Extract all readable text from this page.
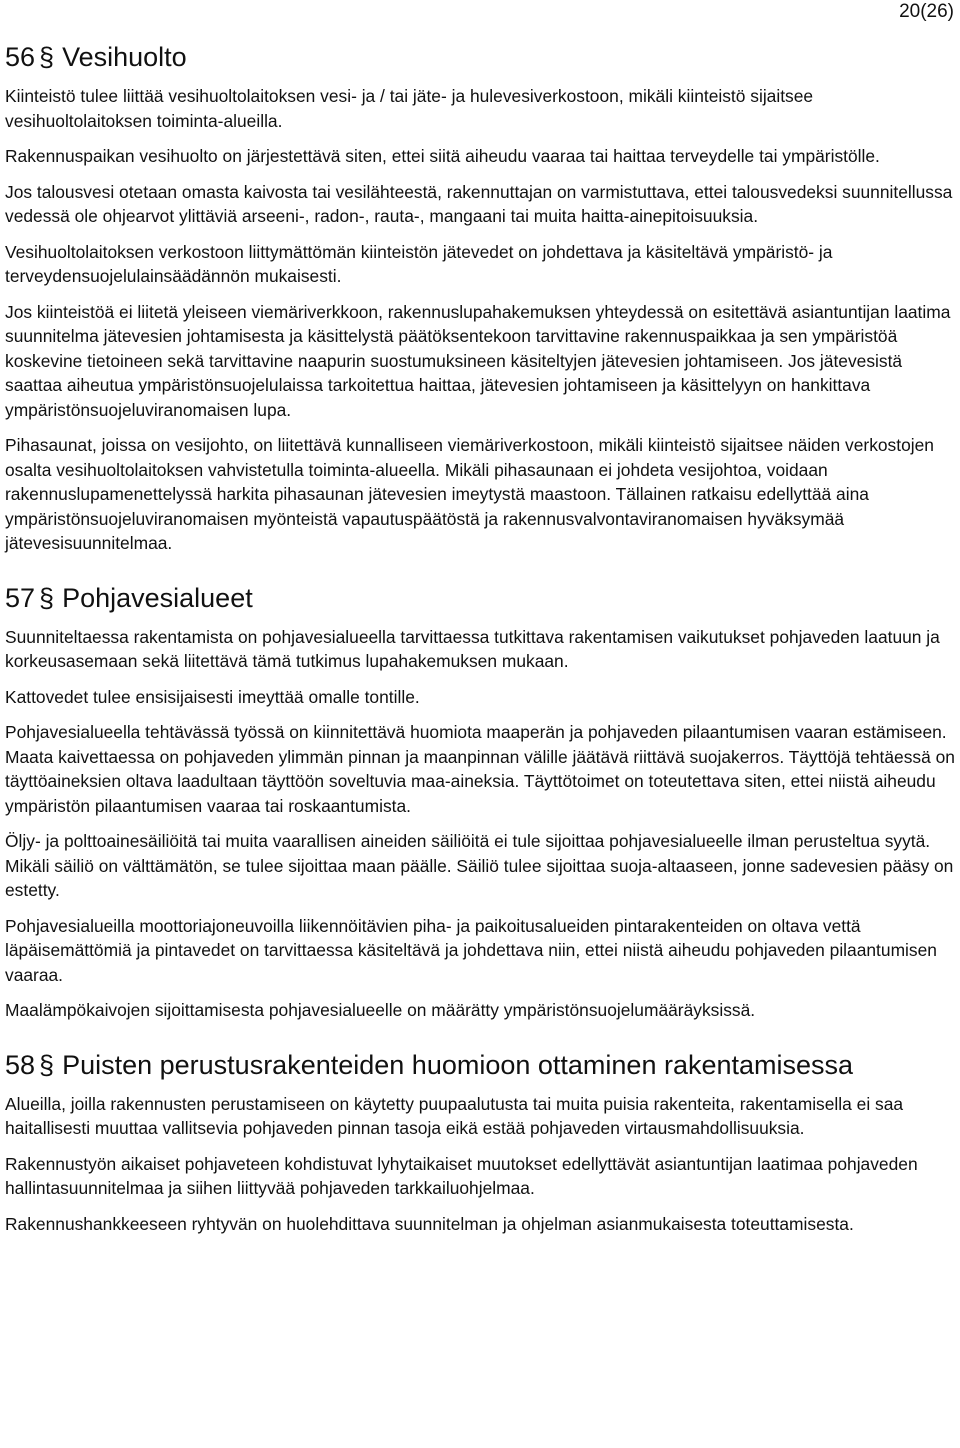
20(26)
56 § Vesihuolto

Kiinteistö tulee liittää vesihuoltolaitoksen vesi- ja / tai jäte- ja hulevesiverkostoon, mikäli kiinteistö sijaitsee vesihuoltolaitoksen toiminta-alueilla.

Rakennuspaikan vesihuolto on järjestettävä siten, ettei siitä aiheudu vaaraa tai haittaa terveydelle tai ympäristölle.

Jos talousvesi otetaan omasta kaivosta tai vesilähteestä, rakennuttajan on varmistuttava, ettei talousvedeksi suunnitellussa vedessä ole ohjearvot ylittäviä arseeni-, radon-, rauta-, mangaani tai muita haitta-ainepitoisuuksia.

Vesihuoltolaitoksen verkostoon liittymättömän kiinteistön jätevedet on johdettava ja käsiteltävä ympäristö- ja terveydensuojelulainsäädännön mukaisesti.

Jos kiinteistöä ei liitetä yleiseen viemäriverkkoon, rakennuslupahakemuksen yhteydessä on esitettävä asiantuntijan laatima suunnitelma jätevesien johtamisesta ja käsittelystä päätöksentekoon tarvittavine rakennuspaikkaa ja sen ympäristöä koskevine tietoineen sekä tarvittavine naapurin suostumuksineen käsiteltyjen jätevesien johtamiseen. Jos jätevesistä saattaa aiheutua ympäristönsuojelulaissa tarkoitettua haittaa, jätevesien johtamiseen ja käsittelyyn on hankittava ympäristönsuojeluviranomaisen lupa.

Pihasaunat, joissa on vesijohto, on liitettävä kunnalliseen viemäriverkostoon, mikäli kiinteistö sijaitsee näiden verkostojen osalta vesihuoltolaitoksen vahvistetulla toiminta-alueella. Mikäli pihasaunaan ei johdeta vesijohtoa, voidaan rakennuslupamenettelyssä harkita pihasaunan jätevesien imeytystä maastoon. Tällainen ratkaisu edellyttää aina ympäristönsuojeluviranomaisen myönteistä vapautuspäätöstä ja rakennusvalvontaviranomaisen hyväksymää jätevesisuunnitelmaa.

57 § Pohjavesialueet

Suunniteltaessa rakentamista on pohjavesialueella tarvittaessa tutkittava rakentamisen vaikutukset pohjaveden laatuun ja korkeusasemaan sekä liitettävä tämä tutkimus lupahakemuksen mukaan.

Kattovedet tulee ensisijaisesti imeyttää omalle tontille.

Pohjavesialueella tehtävässä työssä on kiinnitettävä huomiota maaperän ja pohjaveden pilaantumisen vaaran estämiseen. Maata kaivettaessa on pohjaveden ylimmän pinnan ja maanpinnan välille jäätävä riittävä suojakerros. Täyttöjä tehtäessä on täyttöaineksien oltava laadultaan täyttöön soveltuvia maa-aineksia. Täyttötoimet on toteutettava siten, ettei niistä aiheudu ympäristön pilaantumisen vaaraa tai roskaantumista.

Öljy- ja polttoainesäiliöitä tai muita vaarallisen aineiden säiliöitä ei tule sijoittaa pohjavesialueelle ilman perusteltua syytä. Mikäli säiliö on välttämätön, se tulee sijoittaa maan päälle. Säiliö tulee sijoittaa suoja-altaaseen, jonne sadevesien pääsy on estetty.

Pohjavesialueilla moottoriajoneuvoilla liikennöitävien piha- ja paikoitusalueiden pintarakenteiden on oltava vettä läpäisemättömiä ja pintavedet on tarvittaessa käsiteltävä ja johdettava niin, ettei niistä aiheudu pohjaveden pilaantumisen vaaraa.

Maalämpökaivojen sijoittamisesta pohjavesialueelle on määrätty ympäristönsuojelumääräyksissä.

58 § Puisten perustusrakenteiden huomioon ottaminen rakentamisessa

Alueilla, joilla rakennusten perustamiseen on käytetty puupaalutusta tai muita puisia rakenteita, rakentamisella ei saa haitallisesti muuttaa vallitsevia pohjaveden pinnan tasoja eikä estää pohjaveden virtausmahdollisuuksia.

Rakennustyön aikaiset pohjaveteen kohdistuvat lyhytaikaiset muutokset edellyttävät asiantuntijan laatimaa pohjaveden hallintasuunnitelmaa ja siihen liittyvää pohjaveden tarkkailuohjelmaa.

Rakennushankkeeseen ryhtyvän on huolehdittava suunnitelman ja ohjelman asianmukaisesta toteuttamisesta.
